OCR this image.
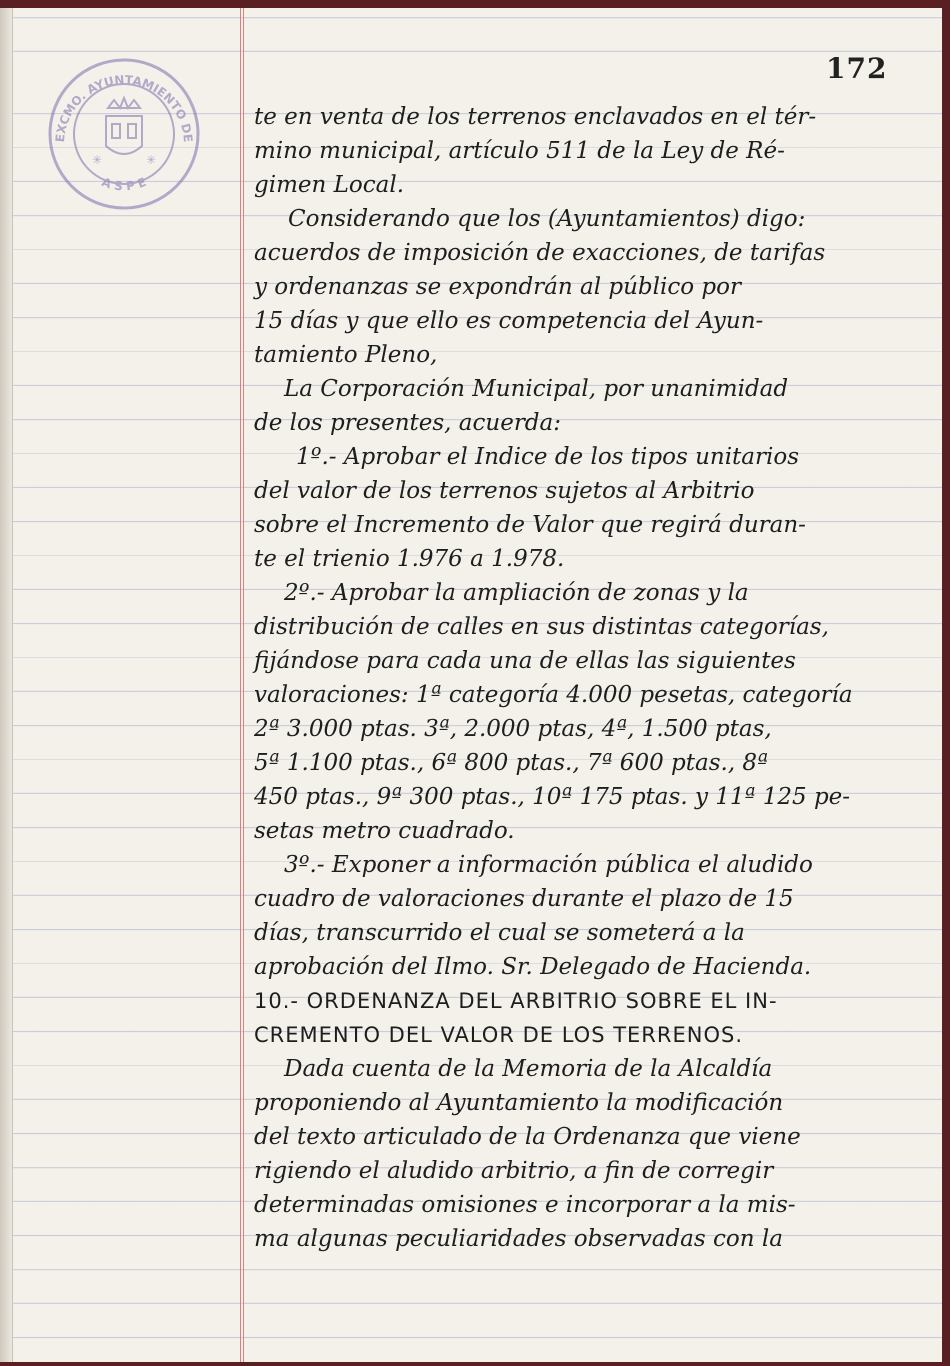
EXCMO. AYUNTAMIENTO DE
A S P E
✳	✳
172
te en venta de los terrenos enclavados en el tér-
mino municipal, artículo 511 de la Ley de Ré-
gimen Local.
Considerando que los (Ayuntamientos) digo:
acuerdos de imposición de exacciones, de tarifas
y ordenanzas se expondrán al público por
15 días y que ello es competencia del Ayun-
tamiento Pleno,
La Corporación Municipal, por unanimidad
de los presentes, acuerda:
1º.- Aprobar el Indice de los tipos unitarios
del valor de los terrenos sujetos al Arbitrio
sobre el Incremento de Valor que regirá duran-
te el trienio 1.976 a 1.978.
2º.- Aprobar la ampliación de zonas y la
distribución de calles en sus distintas categorías,
fijándose para cada una de ellas las siguientes
valoraciones: 1ª categoría 4.000 pesetas, categoría
2ª 3.000 ptas. 3ª, 2.000 ptas, 4ª, 1.500 ptas,
5ª 1.100 ptas., 6ª 800 ptas., 7ª 600 ptas., 8ª
450 ptas., 9ª 300 ptas., 10ª 175 ptas. y 11ª 125 pe-
setas metro cuadrado.
3º.- Exponer a información pública el aludido
cuadro de valoraciones durante el plazo de 15
días, transcurrido el cual se someterá a la
aprobación del Ilmo. Sr. Delegado de Hacienda.
10.- ORDENANZA DEL ARBITRIO SOBRE EL IN-
CREMENTO DEL VALOR DE LOS TERRENOS.
Dada cuenta de la Memoria de la Alcaldía
proponiendo al Ayuntamiento la modificación
del texto articulado de la Ordenanza que viene
rigiendo el aludido arbitrio, a fin de corregir
determinadas omisiones e incorporar a la mis-
ma algunas peculiaridades observadas con la
